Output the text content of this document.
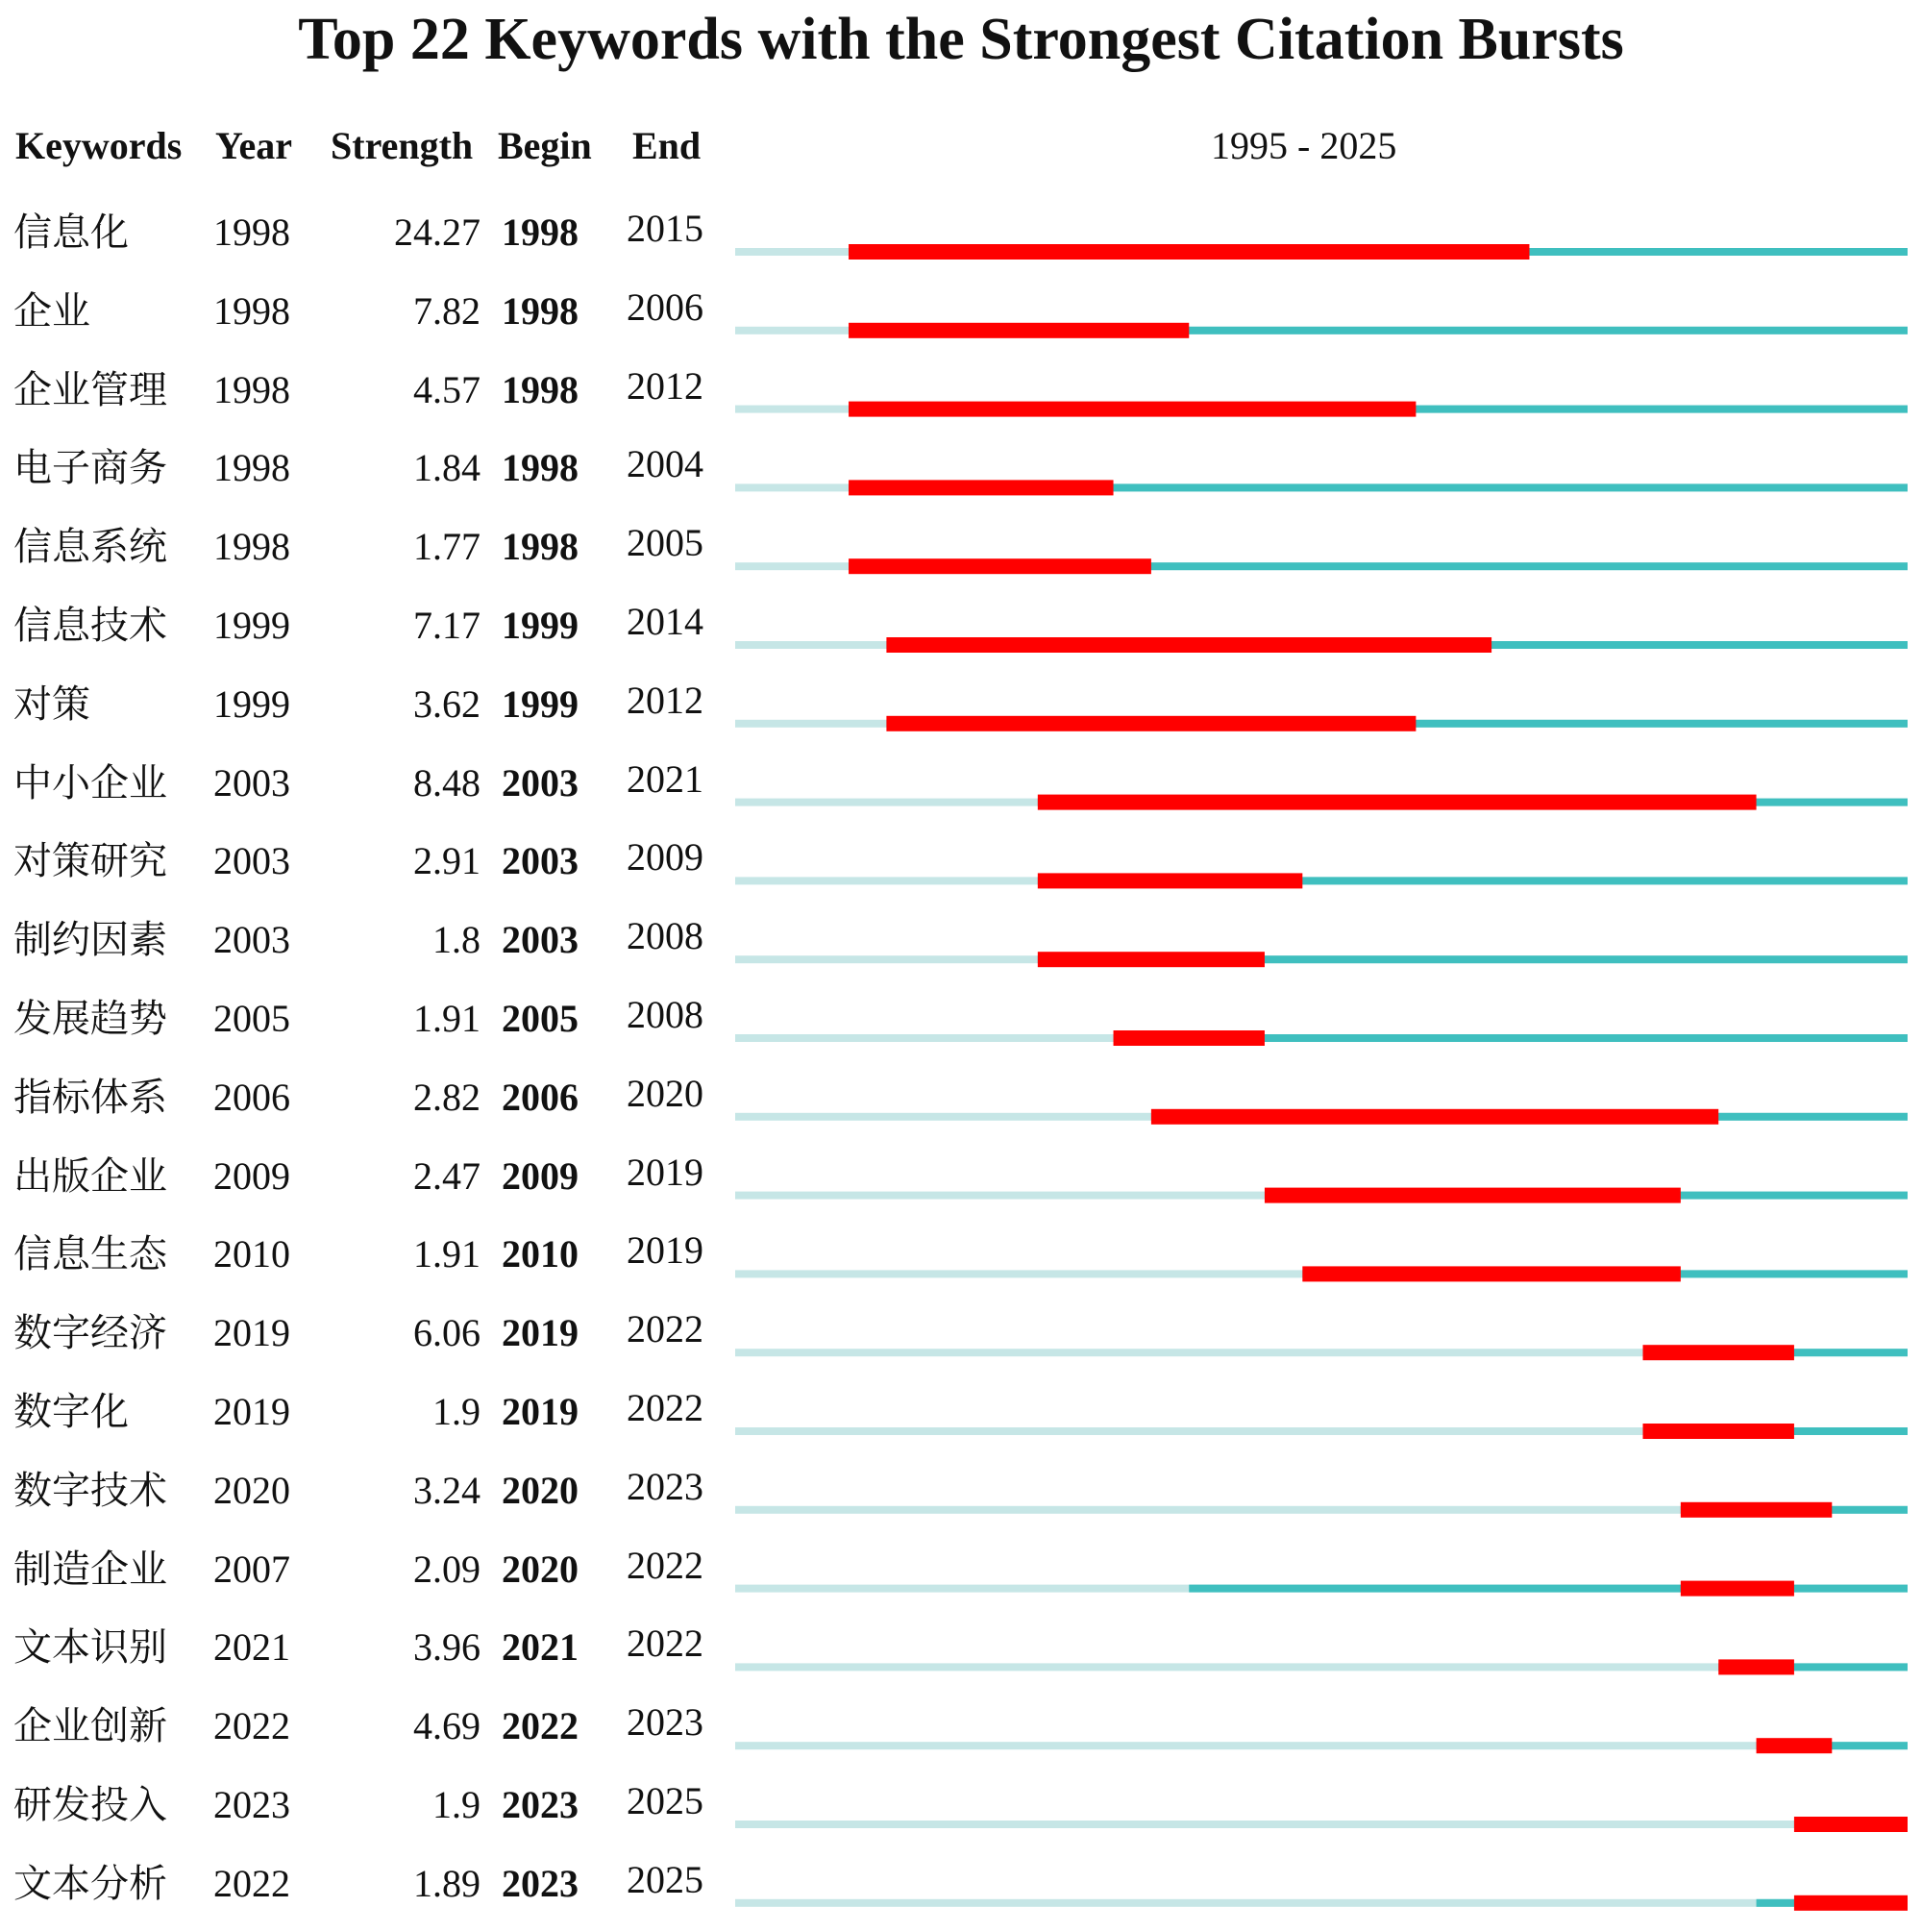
Top 22 Keywords with the Strongest Citation Bursts
Keywords Year Strength Begin End	1995 - 2025
信息化 1998	24.27 1998 2015
企业	1998	7.82 1998 2006
企业管理 1998	4.57 1998 2012
电子商务 1998	1.84 1998 2004
信息系统 1998	1.77 1998 2005
信息技术 1999	7.17 1999 2014
对策	1999	3.62 1999 2012
中小企业 2003	8.48 2003 2021
对策研究 2003	2.91 2003 2009
制约因素 2003	1.8 2003 2008
发展趋势 2005	1.91 2005 2008
指标体系 2006	2.82 2006 2020
出版企业 2009	2.47 2009 2019
信息生态 2010	1.91 2010 2019
数字经济 2019	6.06 2019 2022
数字化 2019	1.9 2019 2022
数字技术 2020	3.24 2020 2023
制造企业 2007	2.09 2020 2022
文本识别 2021	3.96 2021 2022
企业创新 2022	4.69 2022 2023
研发投入 2023	1.9 2023 2025
文本分析 2022	1.89 2023 2025
